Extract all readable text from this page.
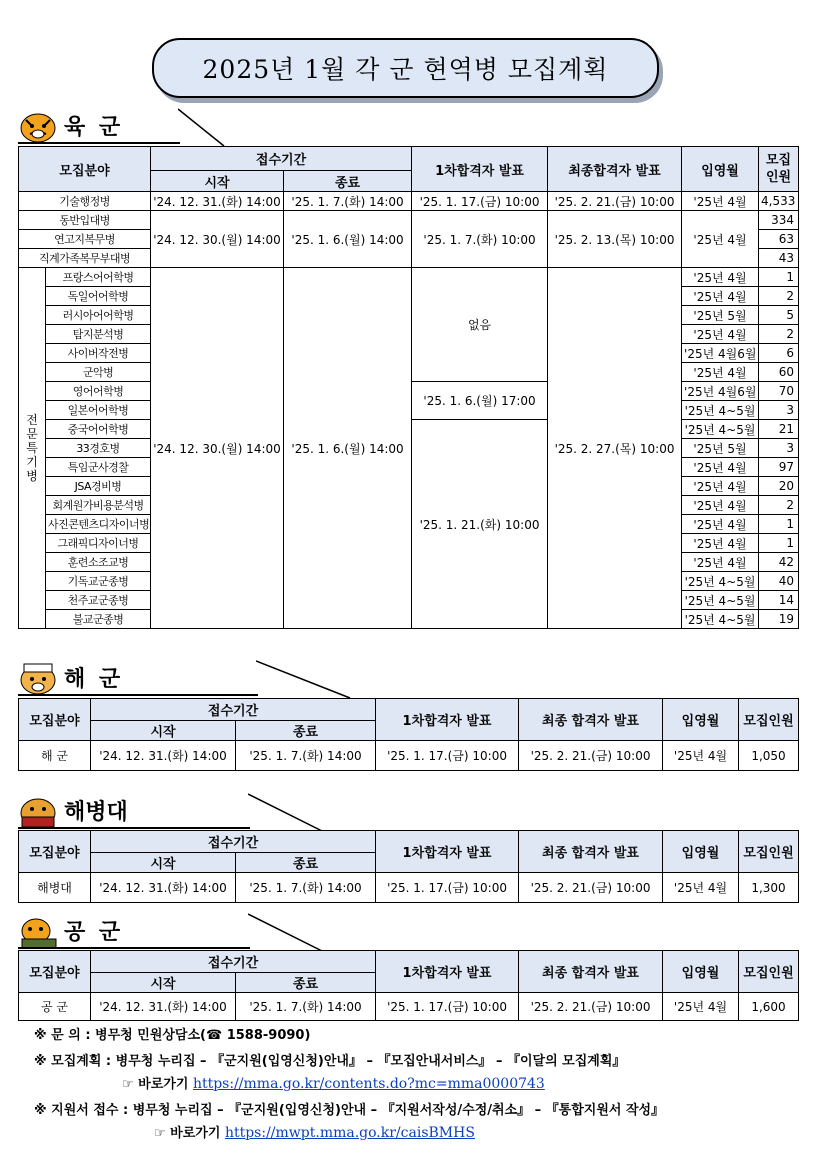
2025년 1월 각 군 현역병 모집계획
육 군
모집분야		접수기간		1차합격자 발표	최종합격자 발표	입영월	모집
인원
		시작	종료				
기술행정병		'24. 12. 31.(화) 14:00	'25. 1. 7.(화) 14:00	'25. 1. 17.(금) 10:00	'25. 2. 21.(금) 10:00	'25년 4월	4,533
동반입대병		'24. 12. 30.(월) 14:00	'25. 1. 6.(월) 14:00	'25. 1. 7.(화) 10:00	'25. 2. 13.(목) 10:00	'25년 4월	334
연고지복무병							63
직계가족복무부대병							43
전문특기병	프랑스어어학병	'24. 12. 30.(월) 14:00	'25. 1. 6.(월) 14:00	없음	'25. 2. 27.(목) 10:00	'25년 4월	1
	독일어어학병					'25년 4월	2
	러시아어어학병					'25년 5월	5
	탐지분석병					'25년 4월	2
	사이버작전병					'25년 4월6월	6
	군악병					'25년 4월	60
	영어어학병			'25. 1. 6.(월) 17:00		'25년 4월6월	70
	일본어어학병					'25년 4~5월	3
	중국어어학병			'25. 1. 21.(화) 10:00		'25년 4~5월	21
	33경호병					'25년 5월	3
	특임군사경찰					'25년 4월	97
	JSA경비병					'25년 4월	20
	회계원가비용분석병					'25년 4월	2
	사진콘텐츠디자이너병					'25년 4월	1
	그래픽디자이너병					'25년 4월	1
	훈련소조교병					'25년 4월	42
	기독교군종병					'25년 4~5월	40
	천주교군종병					'25년 4~5월	14
	불교군종병					'25년 4~5월	19
해 군
모집분야	접수기간		1차합격자 발표	최종 합격자 발표	입영월	모집인원
	시작	종료				
해 군	'24. 12. 31.(화) 14:00	'25. 1. 7.(화) 14:00	'25. 1. 17.(금) 10:00	'25. 2. 21.(금) 10:00	'25년 4월	1,050
해병대
모집분야	접수기간		1차합격자 발표	최종 합격자 발표	입영월	모집인원
	시작	종료				
해병대	'24. 12. 31.(화) 14:00	'25. 1. 7.(화) 14:00	'25. 1. 17.(금) 10:00	'25. 2. 21.(금) 10:00	'25년 4월	1,300
공 군
모집분야	접수기간		1차합격자 발표	최종 합격자 발표	입영월	모집인원
	시작	종료				
공 군	'24. 12. 31.(화) 14:00	'25. 1. 7.(화) 14:00	'25. 1. 17.(금) 10:00	'25. 2. 21.(금) 10:00	'25년 4월	1,600
※ 문 의 : 병무청 민원상담소(☎ 1588-9090)
※ 모집계획 : 병무청 누리집 – 『군지원(입영신청)안내』 – 『모집안내서비스』 – 『이달의 모집계획』
☞ 바로가기 https://mma.go.kr/contents.do?mc=mma0000743
※ 지원서 접수 : 병무청 누리집 – 『군지원(입영신청)안내 – 『지원서작성/수정/취소』 – 『통합지원서 작성』
☞ 바로가기 https://mwpt.mma.go.kr/caisBMHS
